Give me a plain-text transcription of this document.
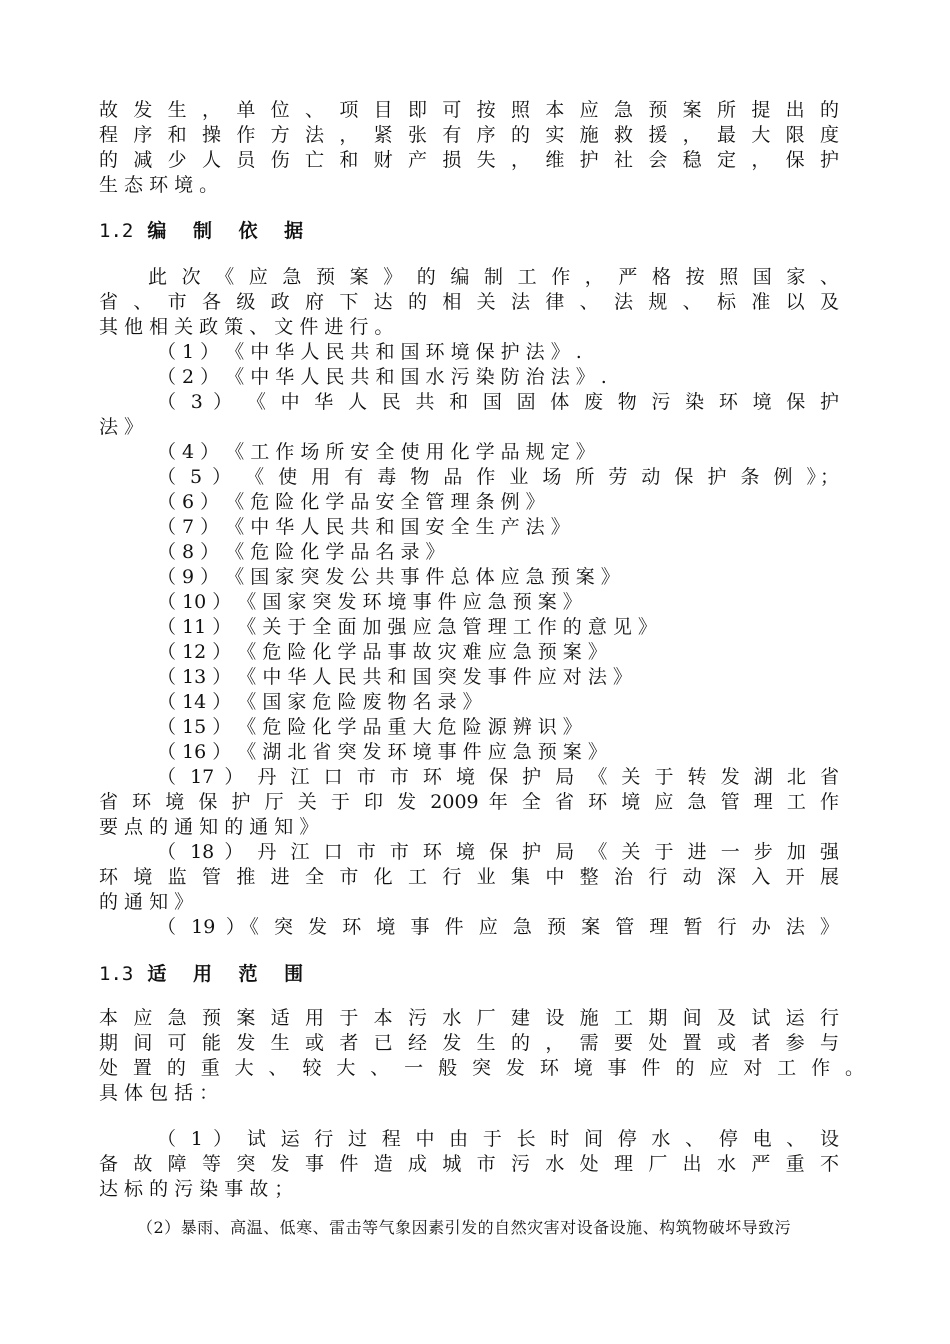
故 发 生 ， 单 位 、 项 目 即 可 按 照 本 应 急 预 案 所 提 出 的
程 序 和 操 作 方 法 ， 紧 张 有 序 的 实 施 救 援 ， 最 大 限 度
的 减 少 人 员 伤 亡 和 财 产 损 失 ， 维 护 社 会 稳 定 ， 保 护
生 态 环 境 。
1.2 编 制 依 据
此 次 《 应 急 预 案 》 的 编 制 工 作 ， 严 格 按 照 国 家 、
省 、 市 各 级 政 府 下 达 的 相 关 法 律 、 法 规 、 标 准 以 及
其 他 相 关 政 策 、 文 件 进 行 。
（ 1 ） 《 中 华 人 民 共 和 国 环 境 保 护 法 》 .
（ 2 ） 《 中 华 人 民 共 和 国 水 污 染 防 治 法 》 .
（ 3 ） 《 中 华 人 民 共 和 国 固 体 废 物 污 染 环 境 保 护
法 》
（ 4 ） 《 工 作 场 所 安 全 使 用 化 学 品 规 定 》
（ 5 ） 《 使 用 有 毒 物 品 作 业 场 所 劳 动 保 护 条 例 》；
（ 6 ） 《 危 险 化 学 品 安 全 管 理 条 例 》
（ 7 ） 《 中 华 人 民 共 和 国 安 全 生 产 法 》
（ 8 ） 《 危 险 化 学 品 名 录 》
（ 9 ） 《 国 家 突 发 公 共 事 件 总 体 应 急 预 案 》
（ 10 ） 《 国 家 突 发 环 境 事 件 应 急 预 案 》
（ 11 ） 《 关 于 全 面 加 强 应 急 管 理 工 作 的 意 见 》
（ 12 ） 《 危 险 化 学 品 事 故 灾 难 应 急 预 案 》
（ 13 ） 《 中 华 人 民 共 和 国 突 发 事 件 应 对 法 》
（ 14 ） 《 国 家 危 险 废 物 名 录 》
（ 15 ） 《 危 险 化 学 品 重 大 危 险 源 辨 识 》
（ 16 ） 《 湖 北 省 突 发 环 境 事 件 应 急 预 案 》
（ 17 ） 丹 江 口 市 市 环 境 保 护 局 《 关 于 转 发 湖 北 省
省 环 境 保 护 厅 关 于 印 发 2009 年 全 省 环 境 应 急 管 理 工 作
要 点 的 通 知 的 通 知 》
（ 18 ） 丹 江 口 市 市 环 境 保 护 局 《 关 于 进 一 步 加 强
环 境 监 管 推 进 全 市 化 工 行 业 集 中 整 治 行 动 深 入 开 展
的 通 知 》
（ 19 ）《 突 发 环 境 事 件 应 急 预 案 管 理 暂 行 办 法 》
1.3 适 用 范 围
本 应 急 预 案 适 用 于 本 污 水 厂 建 设 施 工 期 间 及 试 运 行
期 间 可 能 发 生 或 者 已 经 发 生 的 ， 需 要 处 置 或 者 参 与
处 置 的 重 大 、 较 大 、 一 般 突 发 环 境 事 件 的 应 对 工 作 。
具 体 包 括 ：
（ 1 ） 试 运 行 过 程 中 由 于 长 时 间 停 水 、 停 电 、 设
备 故 障 等 突 发 事 件 造 成 城 市 污 水 处 理 厂 出 水 严 重 不
达 标 的 污 染 事 故 ；
（2）暴雨、高温、低寒、雷击等气象因素引发的自然灾害对设备设施、构筑物破坏导致污
